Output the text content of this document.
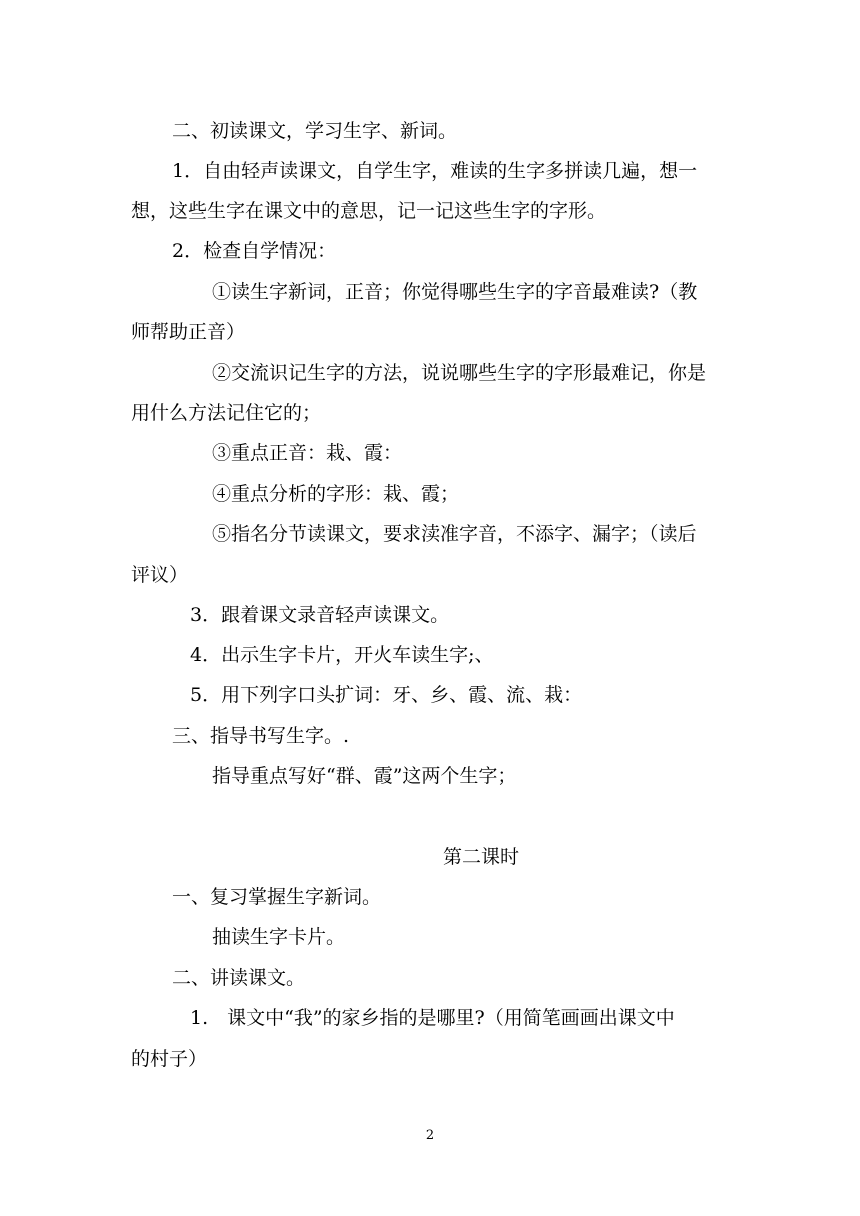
二、初读课文，学习生字、新词。
1．自由轻声读课文，自学生字，难读的生字多拼读几遍，想一
想，这些生字在课文中的意思，记一记这些生字的字形。
2．检查自学情况：
①读生字新词，正音；你觉得哪些生字的字音最难读?（教
师帮助正音）
②交流识记生字的方法，说说哪些生字的字形最难记，你是
用什么方法记住它的；
③重点正音：栽、霞：
④重点分析的字形：栽、霞；
⑤指名分节读课文，要求渎准字音，不添字、漏字；（读后
评议）
3．跟着课文录音轻声读课文。
4．出示生字卡片，开火车读生字;、
5．用下列字口头扩词：牙、乡、霞、流、栽：
三、指导书写生字。.
指导重点写好“群、霞”这两个生字；
第二课时
一、复习掌握生字新词。
抽读生字卡片。
二、讲读课文。
1.　课文中“我”的家乡指的是哪里?（用简笔画画出课文中
的村子）
2
